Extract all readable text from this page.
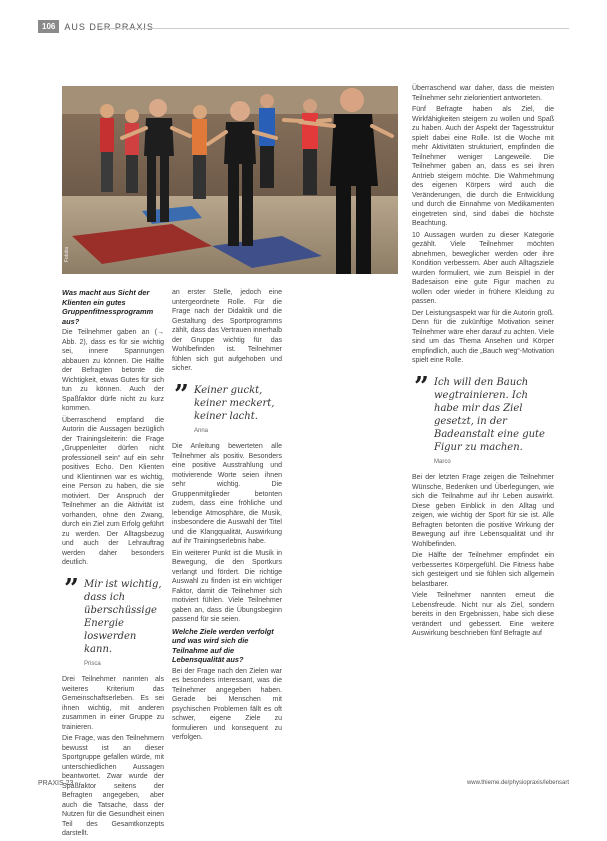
106	AUS DER PRAXIS
Fotolia
Was macht aus Sicht der Klienten ein gutes Gruppenfitnessprogramm aus?

Die Teilnehmer gaben an (→ Abb. 2), dass es für sie wichtig sei, innere Spannungen abbauen zu können. Die Hälfte der Befragten betonte die Wichtigkeit, etwas Gutes für sich tun zu können. Auch der Spaßfaktor dürfe nicht zu kurz kommen.

Überraschend empfand die Autorin die Aussagen bezüglich der Trainingsleiterin: die Frage „Gruppenleiter dürfen nicht professionell sein“ auf ein sehr positives Echo. Den Klienten und Klientinnen war es wichtig, eine Person zu haben, die sie motiviert. Der Anspruch der Teilnehmer an die Aktivität ist vorhanden, ohne den Zwang, durch ein Ziel zum Erfolg geführt zu werden. Der Alltagsbezug und auch der Lehrauftrag werden daher besonders deutlich.

” Mir ist wichtig, dass ich überschüssige Energie loswerden kann.
Prisca

Drei Teilnehmer nannten als weiteres Kriterium das Gemeinschaftserleben. Es sei ihnen wichtig, mit anderen zusammen in einer Gruppe zu trainieren.

Die Frage, was den Teilnehmern bewusst ist an dieser Sportgruppe gefallen würde, mit unterschiedlichen Aussagen beantwortet. Zwar wurde der Spaßfaktor seitens der Befragten angegeben, aber auch die Tatsache, dass der Nutzen für die Gesundheit einen Teil des Gesamtkonzepts darstellt.

an erster Stelle, jedoch eine untergeordnete Rolle. Für die Frage nach der Didaktik und die Gestaltung des Sportprogramms zählt, dass das Vertrauen innerhalb der Gruppe wichtig für das Wohlbefinden ist. Teilnehmer fühlen sich gut aufgehoben und sicher.

” Keiner guckt, keiner meckert, keiner lacht.
Anna

Die Anleitung bewerteten alle Teilnehmer als positiv. Besonders eine positive Ausstrahlung und motivierende Worte seien ihnen sehr wichtig. Die Gruppenmitglieder betonten zudem, dass eine fröhliche und lebendige Atmosphäre, die Musik, insbesondere die Auswahl der Titel und die Klangqualität, Auswirkung auf ihr Trainingserlebnis habe.

Ein weiterer Punkt ist die Musik in Bewegung, die den Sportkurs verlangt und fördert. Die richtige Auswahl zu finden ist ein wichtiger Faktor, damit die Teilnehmer sich motiviert fühlen. Viele Teilnehmer gaben an, dass die Übungsbeginn passend für sie seien.

Welche Ziele werden verfolgt und was wird sich die Teilnahme auf die Lebensqualität aus?

Bei der Frage nach den Zielen war es besonders interessant, was die Teilnehmer angegeben haben. Gerade bei Menschen mit psychischen Problemen fällt es oft schwer, eigene Ziele zu formulieren und konsequent zu verfolgen.

Überraschend war daher, dass die meisten Teilnehmer sehr zielorientiert antworteten.

Fünf Befragte haben als Ziel, die Wirkfähigkeiten steigern zu wollen und Spaß zu haben. Auch der Aspekt der Tagesstruktur spielt dabei eine Rolle. Ist die Woche mit mehr Aktivitäten strukturiert, empfinden die Teilnehmer weniger Langeweile. Die Teilnehmer gaben an, dass es sei ihren Antrieb steigern möchte. Die Wahrnehmung des eigenen Körpers wird auch die Veränderungen, die durch die Entwicklung und durch die Einnahme von Medikamenten eingetreten sind, sind dabei die höchste Beachtung.

10 Aussagen wurden zu dieser Kategorie gezählt. Viele Teilnehmer möchten abnehmen, beweglicher werden oder ihre Kondition verbessern. Aber auch Alltagsziele wurden formuliert, wie zum Beispiel in der Badesaison eine gute Figur machen zu wollen oder wieder in frühere Kleidung zu passen.

Der Leistungsaspekt war für die Autorin groß. Denn für die zukünftige Motivation seiner Teilnehmer wäre eher darauf zu achten. Viele sind um das Thema Ansehen und Körper empfindlich, auch die „Bauch weg“-Motivation spielt eine Rolle.

” Ich will den Bauch wegtrainieren. Ich habe mir das Ziel gesetzt, in der Badeanstalt eine gute Figur zu machen.
Marco

Bei der letzten Frage zeigen die Teilnehmer Wünsche, Bedenken und Überlegungen, wie sich die Teilnahme auf ihr Leben auswirkt. Diese geben Einblick in den Alltag und zeigen, wie wichtig der Sport für sie ist. Alle Befragten betonten die positive Wirkung der Bewegung auf ihre Lebensqualität und ihr Wohlbefinden.

Die Hälfte der Teilnehmer empfindet ein verbessertes Körpergefühl. Die Fitness habe sich gesteigert und sie fühlen sich allgemein belastbarer.

Viele Teilnehmer nannten erneut die Lebensfreude. Nicht nur als Ziel, sondern bereits in den Ergebnissen, habe sich diese verändert und gebessert. Eine weitere Auswirkung beschrieben fünf Befragte auf

PRAXIS 23	www.thieme.de/physiopraxis/lebensart
